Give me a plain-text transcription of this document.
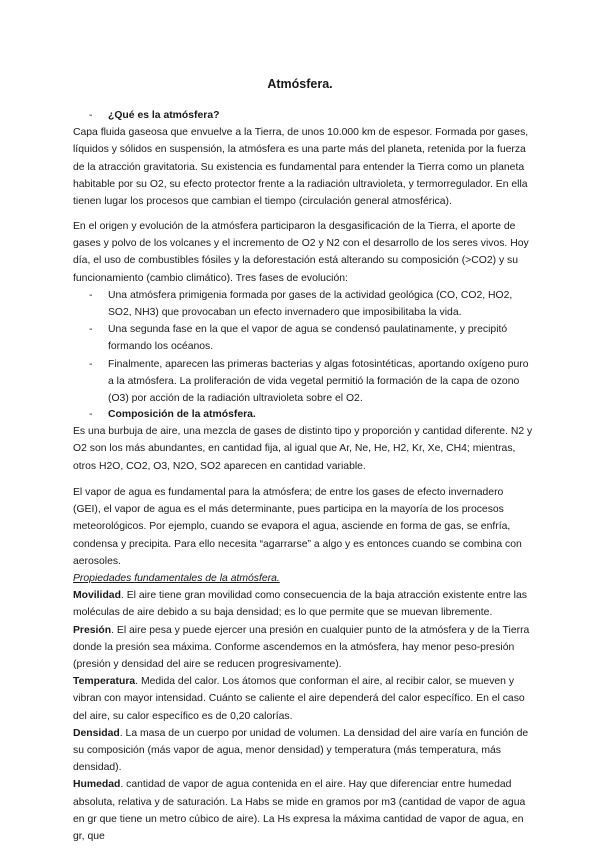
Atmósfera.
- ¿Qué es la atmósfera?

Capa fluida gaseosa que envuelve a la Tierra, de unos 10.000 km de espesor. Formada por gases, líquidos y sólidos en suspensión, la atmósfera es una parte más del planeta, retenida por la fuerza de la atracción gravitatoria. Su existencia es fundamental para entender la Tierra como un planeta habitable por su O2, su efecto protector frente a la radiación ultravioleta, y termorregulador. En ella tienen lugar los procesos que cambian el tiempo (circulación general atmosférica).

En el origen y evolución de la atmósfera participaron la desgasificación de la Tierra, el aporte de gases y polvo de los volcanes y el incremento de O2 y N2 con el desarrollo de los seres vivos. Hoy día, el uso de combustibles fósiles y la deforestación está alterando su composición (>CO2) y su funcionamiento (cambio climático). Tres fases de evolución:

- Una atmósfera primigenia formada por gases de la actividad geológica (CO, CO2, HO2, SO2, NH3) que provocaban un efecto invernadero que imposibilitaba la vida.
- Una segunda fase en la que el vapor de agua se condensó paulatinamente, y precipitó formando los océanos.
- Finalmente, aparecen las primeras bacterias y algas fotosintéticas, aportando oxígeno puro a la atmósfera. La proliferación de vida vegetal permitió la formación de la capa de ozono (O3) por acción de la radiación ultravioleta sobre el O2.
- Composición de la atmósfera.

Es una burbuja de aire, una mezcla de gases de distinto tipo y proporción y cantidad diferente. N2 y O2 son los más abundantes, en cantidad fija, al igual que Ar, Ne, He, H2, Kr, Xe, CH4; mientras, otros H2O, CO2, O3, N2O, SO2 aparecen en cantidad variable.

El vapor de agua es fundamental para la atmósfera; de entre los gases de efecto invernadero (GEI), el vapor de agua es el más determinante, pues participa en la mayoría de los procesos meteorológicos. Por ejemplo, cuando se evapora el agua, asciende en forma de gas, se enfría, condensa y precipita. Para ello necesita “agarrarse” a algo y es entonces cuando se combina con aerosoles.

Propiedades fundamentales de la atmósfera.

Movilidad. El aire tiene gran movilidad como consecuencia de la baja atracción existente entre las moléculas de aire debido a su baja densidad; es lo que permite que se muevan libremente.

Presión. El aire pesa y puede ejercer una presión en cualquier punto de la atmósfera y de la Tierra donde la presión sea máxima. Conforme ascendemos en la atmósfera, hay menor peso-presión (presión y densidad del aire se reducen progresivamente).

Temperatura. Medida del calor. Los átomos que conforman el aire, al recibir calor, se mueven y vibran con mayor intensidad. Cuánto se caliente el aire dependerá del calor específico. En el caso del aire, su calor específico es de 0,20 calorías.

Densidad. La masa de un cuerpo por unidad de volumen. La densidad del aire varía en función de su composición (más vapor de agua, menor densidad) y temperatura (más temperatura, más densidad).

Humedad. cantidad de vapor de agua contenida en el aire. Hay que diferenciar entre humedad absoluta, relativa y de saturación. La Habs se mide en gramos por m3 (cantidad de vapor de agua en gr que tiene un metro cúbico de aire). La Hs expresa la máxima cantidad de vapor de agua, en gr, que
